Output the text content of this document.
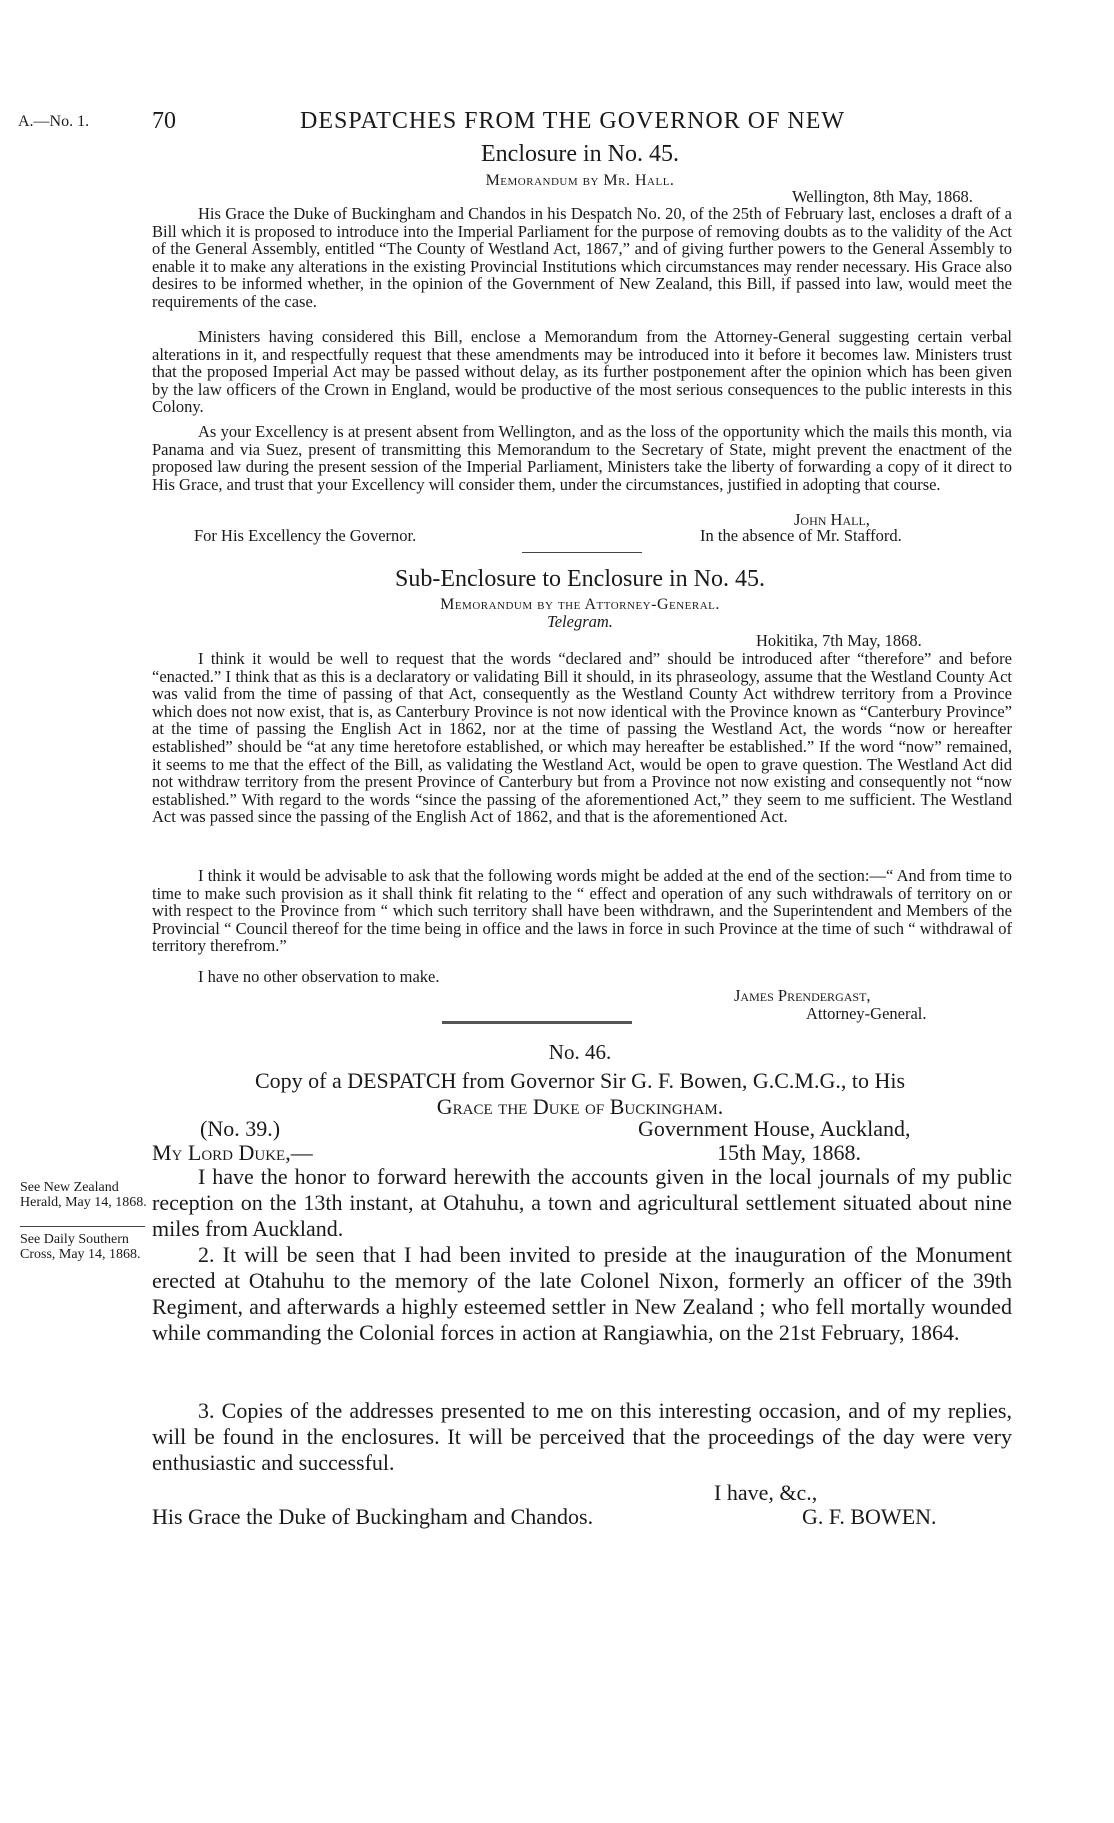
A.—No. 1.	70	DESPATCHES FROM THE GOVERNOR OF NEW
Enclosure in No. 45.
Memorandum by Mr. Hall.
Wellington, 8th May, 1868.
His Grace the Duke of Buckingham and Chandos in his Despatch No. 20, of the 25th of February last, encloses a draft of a Bill which it is proposed to introduce into the Imperial Parliament for the purpose of removing doubts as to the validity of the Act of the General Assembly, entitled “The County of Westland Act, 1867,” and of giving further powers to the General Assembly to enable it to make any alterations in the existing Provincial Institutions which circumstances may render necessary. His Grace also desires to be informed whether, in the opinion of the Government of New Zealand, this Bill, if passed into law, would meet the requirements of the case.
Ministers having considered this Bill, enclose a Memorandum from the Attorney-General suggesting certain verbal alterations in it, and respectfully request that these amendments may be introduced into it before it becomes law. Ministers trust that the proposed Imperial Act may be passed without delay, as its further postponement after the opinion which has been given by the law officers of the Crown in England, would be productive of the most serious consequences to the public interests in this Colony.
As your Excellency is at present absent from Wellington, and as the loss of the opportunity which the mails this month, via Panama and via Suez, present of transmitting this Memorandum to the Secretary of State, might prevent the enactment of the proposed law during the present session of the Imperial Parliament, Ministers take the liberty of forwarding a copy of it direct to His Grace, and trust that your Excellency will consider them, under the circumstances, justified in adopting that course.
John Hall,
For His Excellency the Governor.	In the absence of Mr. Stafford.
Sub-Enclosure to Enclosure in No. 45.
Memorandum by the Attorney-General.
Telegram.
Hokitika, 7th May, 1868.
I think it would be well to request that the words “declared and” should be introduced after “therefore” and before “enacted.” I think that as this is a declaratory or validating Bill it should, in its phraseology, assume that the Westland County Act was valid from the time of passing of that Act, consequently as the Westland County Act withdrew territory from a Province which does not now exist, that is, as Canterbury Province is not now identical with the Province known as “Canterbury Province” at the time of passing the English Act in 1862, nor at the time of passing the Westland Act, the words “now or hereafter established” should be “at any time heretofore established, or which may hereafter be established.” If the word “now” remained, it seems to me that the effect of the Bill, as validating the Westland Act, would be open to grave question. The Westland Act did not withdraw territory from the present Province of Canterbury but from a Province not now existing and consequently not “now established.” With regard to the words “since the passing of the aforementioned Act,” they seem to me sufficient. The Westland Act was passed since the passing of the English Act of 1862, and that is the aforementioned Act.
I think it would be advisable to ask that the following words might be added at the end of the section:—“ And from time to time to make such provision as it shall think fit relating to the “ effect and operation of any such withdrawals of territory on or with respect to the Province from “ which such territory shall have been withdrawn, and the Superintendent and Members of the Provincial “ Council thereof for the time being in office and the laws in force in such Province at the time of such “ withdrawal of territory therefrom.”
I have no other observation to make.
James Prendergast,
Attorney-General.
No. 46.
Copy of a DESPATCH from Governor Sir G. F. Bowen, G.C.M.G., to His
Grace the Duke of Buckingham.
(No. 39.)	Government House, Auckland,
My Lord Duke,—	15th May, 1868.
See New Zealand Herald, May 14, 1868.
See Daily Southern Cross, May 14, 1868.
I have the honor to forward herewith the accounts given in the local journals of my public reception on the 13th instant, at Otahuhu, a town and agricultural settlement situated about nine miles from Auckland.
2. It will be seen that I had been invited to preside at the inauguration of the Monument erected at Otahuhu to the memory of the late Colonel Nixon, formerly an officer of the 39th Regiment, and afterwards a highly esteemed settler in New Zealand ; who fell mortally wounded while commanding the Colonial forces in action at Rangiawhia, on the 21st February, 1864.
3. Copies of the addresses presented to me on this interesting occasion, and of my replies, will be found in the enclosures. It will be perceived that the proceedings of the day were very enthusiastic and successful.
I have, &c.,
His Grace the Duke of Buckingham and Chandos.	G. F. BOWEN.
